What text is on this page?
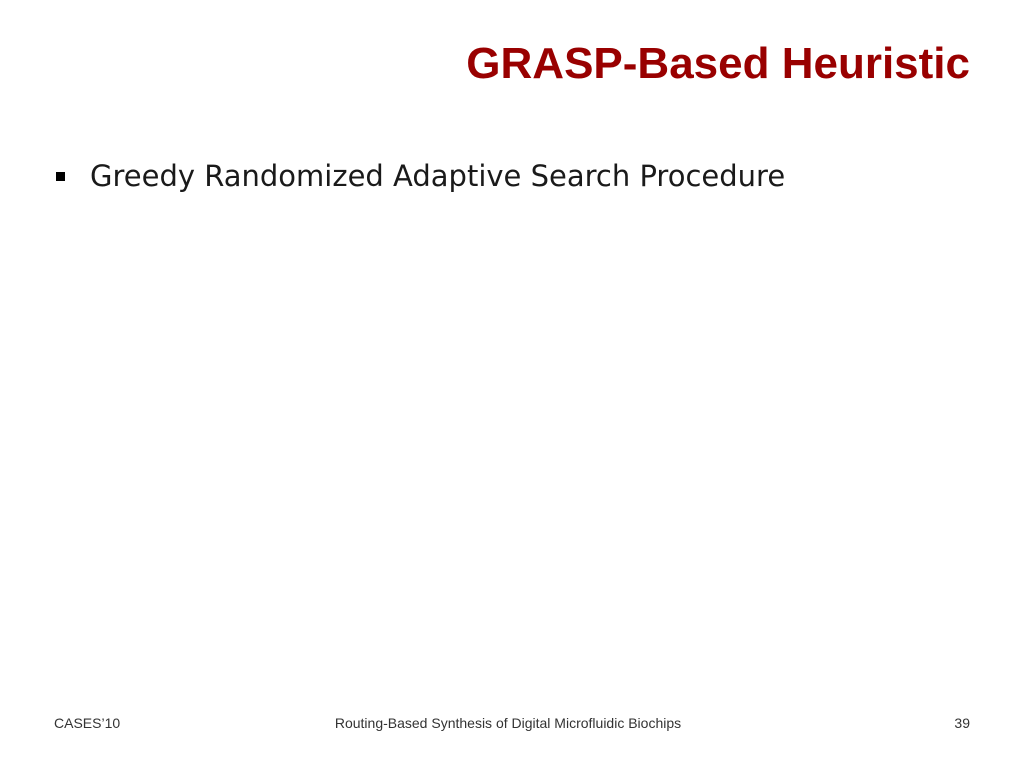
GRASP-Based Heuristic
Greedy Randomized Adaptive Search Procedure
CASES’10	Routing-Based Synthesis of Digital Microfluidic Biochips	39
